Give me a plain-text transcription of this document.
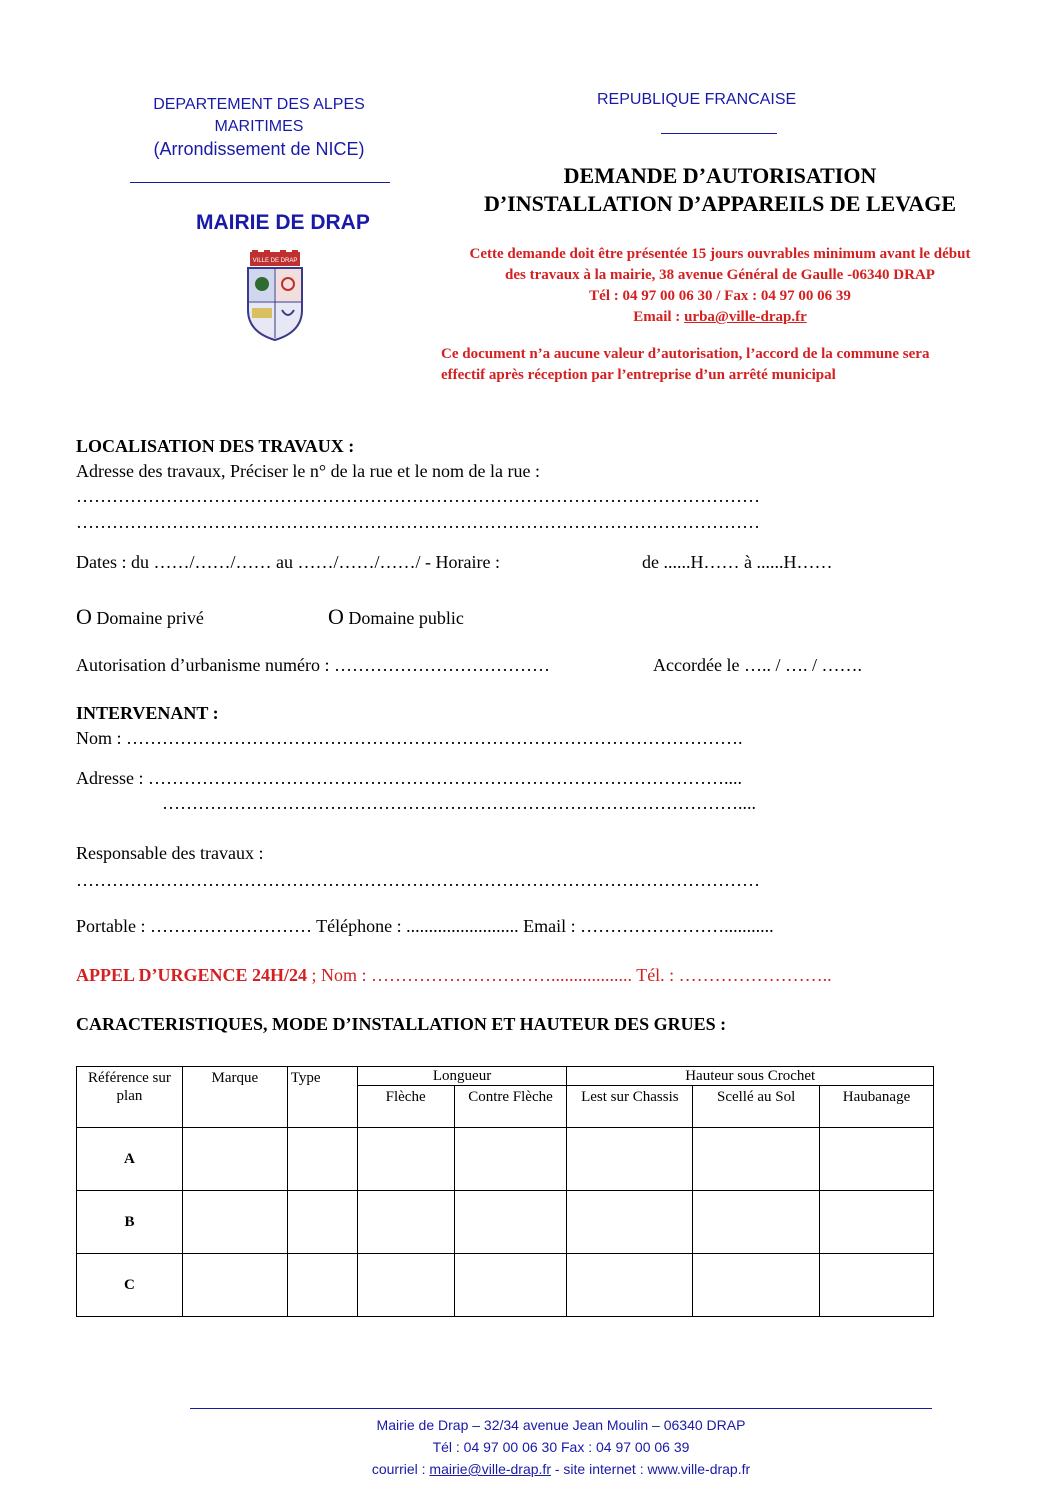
DEPARTEMENT DES ALPES
MARITIMES
(Arrondissement de NICE)
MAIRIE DE DRAP
VILLE DE DRAP
REPUBLIQUE FRANCAISE
DEMANDE D’AUTORISATION
D’INSTALLATION D’APPAREILS DE LEVAGE
Cette demande doit être présentée 15 jours ouvrables minimum avant le début
des travaux à la mairie, 38 avenue Général de Gaulle -06340 DRAP
Tél : 04 97 00 06 30 / Fax : 04 97 00 06 39
Email : urba@ville-drap.fr
Ce document n’a aucune valeur d’autorisation, l’accord de la commune sera
effectif après réception par l’entreprise d’un arrêté municipal
LOCALISATION DES TRAVAUX :
Adresse des travaux, Préciser le n° de la rue et le nom de la rue :
……………………………………………………………………………………………………
……………………………………………………………………………………………………
Dates : du ……/……/…… au ……/……/……/ - Horaire :	de ......H…… à ......H……
O Domaine privé	O Domaine public
Autorisation d’urbanisme numéro : ………………………………	Accordée le ….. / …. / …….
INTERVENANT :
Nom : ………………………………………………………………………………………….
Adresse : ……………………………………………………………………………………....
……………………………………………………………………………………....
Responsable des travaux :
……………………………………………………………………………………………………
Portable : ……………………… Téléphone : ......................... Email : ……………………...........
APPEL D’URGENCE 24H/24 ; Nom : ………………………….................. Tél. : ……………………..
CARACTERISTIQUES, MODE D’INSTALLATION ET HAUTEUR DES GRUES :
Référence sur plan	Marque	Type	Longueur		Hauteur sous Crochet		
			Flèche	Contre Flèche	Lest sur Chassis	Scellé au Sol	Haubanage
A							
B							
C							
Mairie de Drap – 32/34 avenue Jean Moulin – 06340 DRAP
Tél : 04 97 00 06 30 Fax : 04 97 00 06 39
courriel : mairie@ville-drap.fr - site internet : www.ville-drap.fr
